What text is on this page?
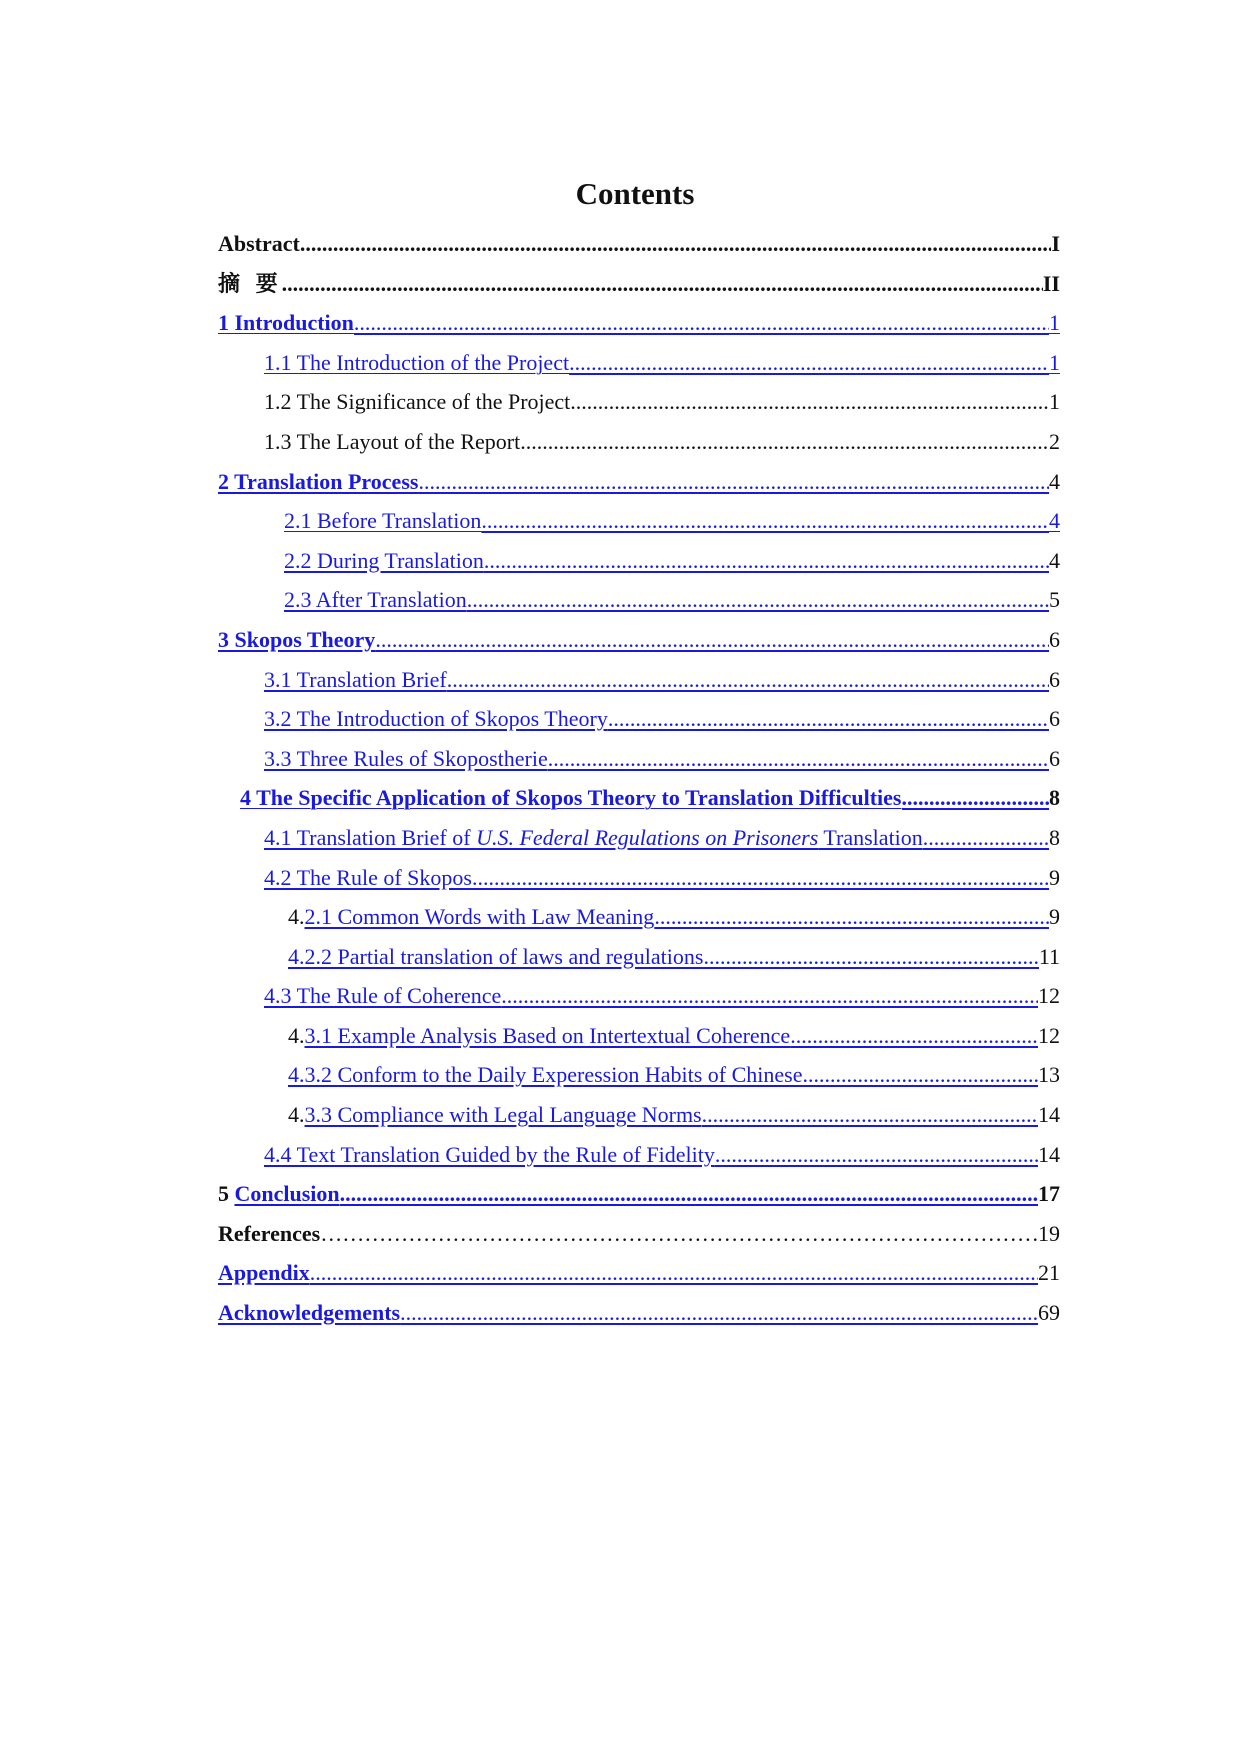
Contents
Abstract .....	I
摘 要 .....	II
1 Introduction .....	1
1.1 The Introduction of the Project .....	1
1.2 The Significance of the Project .....	1
1.3 The Layout of the Report .....	2
2 Translation Process .....	4
2.1 Before Translation .....	4
2.2 During Translation .....	4
2.3 After Translation .....	5
3 Skopos Theory .....	6
3.1 Translation Brief .....	6
3.2 The Introduction of Skopos Theory .....	6
3.3 Three Rules of Skopostherie .....	6
4 The Specific Application of Skopos Theory to Translation Difficulties .....	8
4.1 Translation Brief of U.S. Federal Regulations on Prisoners Translation .....	8
4.2 The Rule of Skopos .....	9
4.2.1 Common Words with Law Meaning .....	9
4.2.2 Partial translation of laws and regulations .....	11
4.3 The Rule of Coherence .....	12
4.3.1 Example Analysis Based on Intertextual Coherence .....	12
4.3.2 Conform to the Daily Experession Habits of Chinese .....	13
4.3.3 Compliance with Legal Language Norms .....	14
4.4 Text Translation Guided by the Rule of Fidelity .....	14
5 Conclusion .....	17
References ……………………………………………………………………………………………………………………………………………	19
Appendix .....	21
Acknowledgements .....	69
